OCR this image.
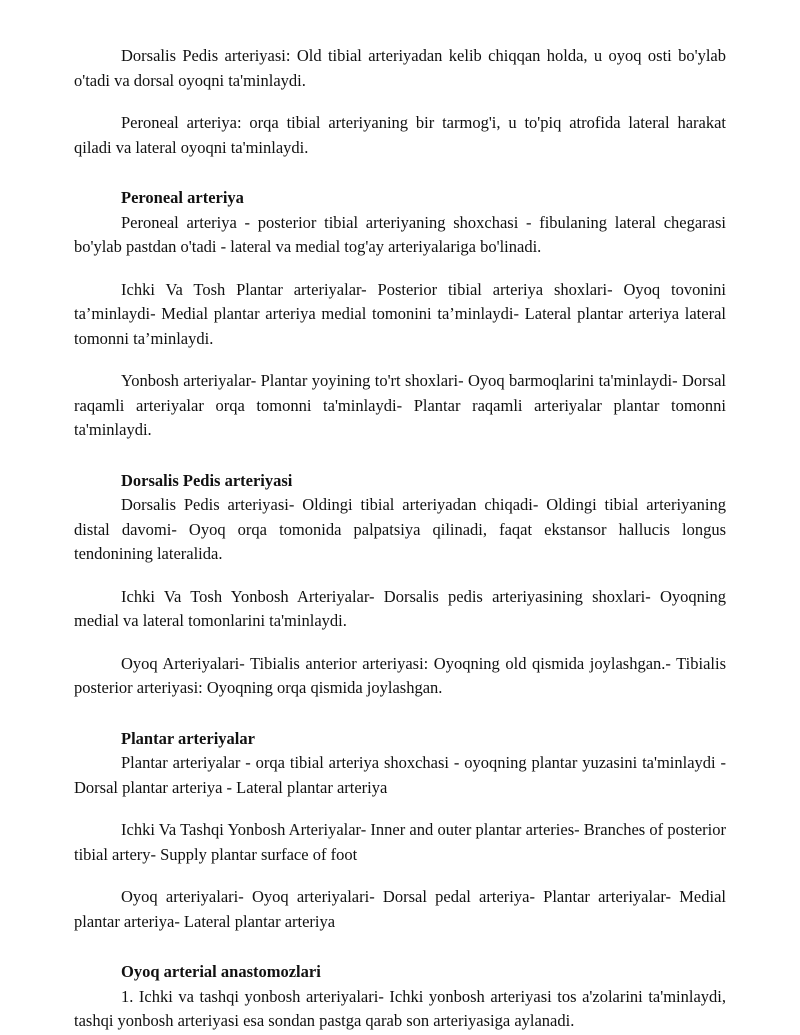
Dorsalis Pedis arteriyasi: Old tibial arteriyadan kelib chiqqan holda, u oyoq osti bo'ylab o'tadi va dorsal oyoqni ta'minlaydi.

Peroneal arteriya: orqa tibial arteriyaning bir tarmog'i, u to'piq atrofida lateral harakat qiladi va lateral oyoqni ta'minlaydi.

Peroneal arteriya

Peroneal arteriya - posterior tibial arteriyaning shoxchasi - fibulaning lateral chegarasi bo'ylab pastdan o'tadi - lateral va medial tog'ay arteriyalariga bo'linadi.

Ichki Va Tosh Plantar arteriyalar- Posterior tibial arteriya shoxlari- Oyoq tovonini ta’minlaydi- Medial plantar arteriya medial tomonini ta’minlaydi- Lateral plantar arteriya lateral tomonni ta’minlaydi.

Yonbosh arteriyalar- Plantar yoyining to'rt shoxlari- Oyoq barmoqlarini ta'minlaydi- Dorsal raqamli arteriyalar orqa tomonni ta'minlaydi- Plantar raqamli arteriyalar plantar tomonni ta'minlaydi.

Dorsalis Pedis arteriyasi

Dorsalis Pedis arteriyasi- Oldingi tibial arteriyadan chiqadi- Oldingi tibial arteriyaning distal davomi- Oyoq orqa tomonida palpatsiya qilinadi, faqat ekstansor hallucis longus tendonining lateralida.

Ichki Va Tosh Yonbosh Arteriyalar- Dorsalis pedis arteriyasining shoxlari- Oyoqning medial va lateral tomonlarini ta'minlaydi.

Oyoq Arteriyalari- Tibialis anterior arteriyasi: Oyoqning old qismida joylashgan.- Tibialis posterior arteriyasi: Oyoqning orqa qismida joylashgan.

Plantar arteriyalar

Plantar arteriyalar - orqa tibial arteriya shoxchasi - oyoqning plantar yuzasini ta'minlaydi - Dorsal plantar arteriya - Lateral plantar arteriya

Ichki Va Tashqi Yonbosh Arteriyalar- Inner and outer plantar arteries- Branches of posterior tibial artery- Supply plantar surface of foot

Oyoq arteriyalari- Oyoq arteriyalari- Dorsal pedal arteriya- Plantar arteriyalar- Medial plantar arteriya- Lateral plantar arteriya

Oyoq arterial anastomozlari

1. Ichki va tashqi yonbosh arteriyalari- Ichki yonbosh arteriyasi tos a'zolarini ta'minlaydi, tashqi yonbosh arteriyasi esa sondan pastga qarab son arteriyasiga aylanadi.
